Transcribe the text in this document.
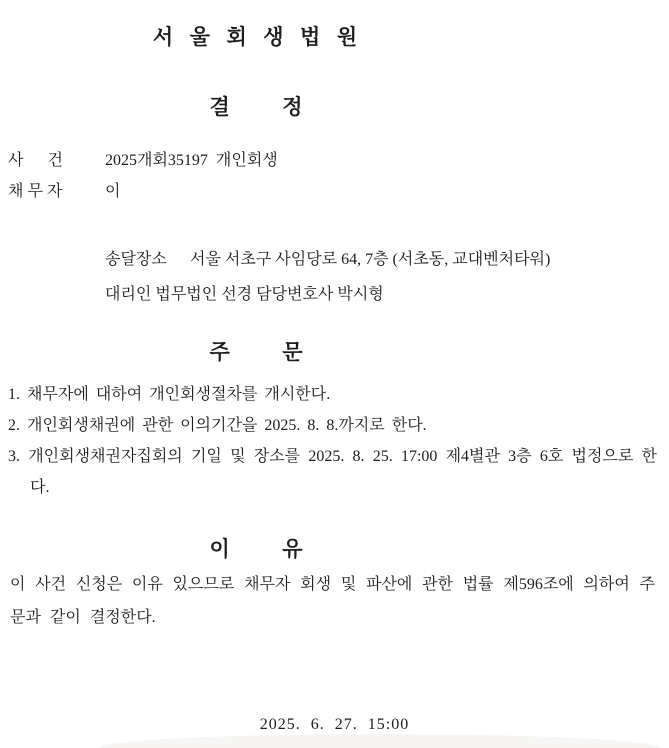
서  울  회  생  법  원
결          정
사      건	2025개회35197  개인회생
채 무 자	이
송달장소	서울 서초구 사임당로 64, 7층 (서초동, 교대벤처타워)
대리인 법무법인 선경 담당변호사 박시형
주          문
1. 채무자에 대하여 개인회생절차를 개시한다.
2. 개인회생채권에 관한 이의기간을 2025. 8. 8.까지로 한다.
3. 개인회생채권자집회의 기일 및 장소를 2025. 8. 25. 17:00 제4별관 3층 6호 법정으로 한다.
이          유
이 사건 신청은 이유 있으므로 채무자 회생 및 파산에 관한 법률 제596조에 의하여 주문과 같이 결정한다.
2025.  6.  27.  15:00
